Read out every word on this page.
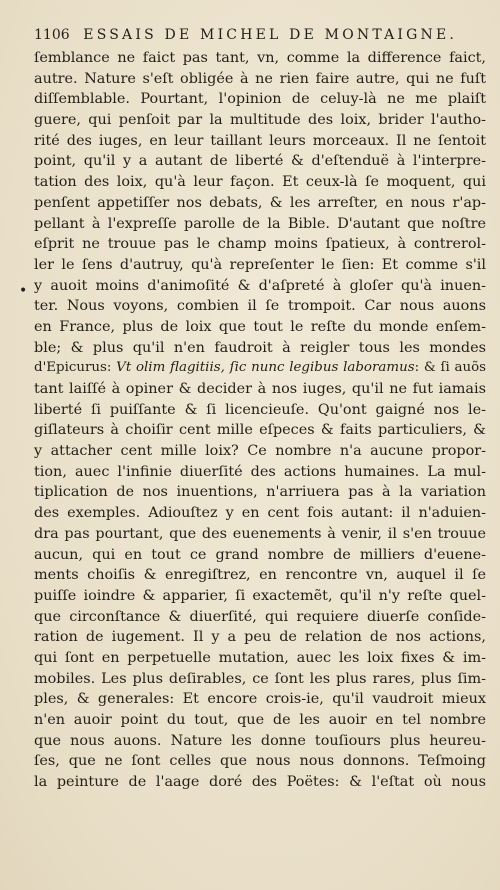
1106 ESSAIS DE MICHEL DE MONTAIGNE.
•
ſemblance ne faict pas tant, vn, comme la difference faict,
autre. Nature s'eſt obligée à ne rien faire autre, qui ne fuſt
diſſemblable. Pourtant, l'opinion de celuy-là ne me plaiſt
guere, qui penſoit par la multitude des loix, brider l'autho-
rité des iuges, en leur taillant leurs morceaux. Il ne ſentoit
point, qu'il y a autant de liberté & d'eſtenduë à l'interpre-
tation des loix, qu'à leur façon. Et ceux-là ſe moquent, qui
penſent appetiſſer nos debats, & les arreſter, en nous r'ap-
pellant à l'expreſſe parolle de la Bible. D'autant que noſtre
eſprit ne trouue pas le champ moins ſpatieux, à contrerol-
ler le ſens d'autruy, qu'à repreſenter le ſien: Et comme s'il
y auoit moins d'animoſité & d'aſpreté à gloſer qu'à inuen-
ter. Nous voyons, combien il ſe trompoit. Car nous auons
en France, plus de loix que tout le reſte du monde enſem-
ble; & plus qu'il n'en faudroit à reigler tous les mondes
d'Epicurus: Vt olim flagitiis, ſic nunc legibus laboramus: & ſi auõs
tant laiſſé à opiner & decider à nos iuges, qu'il ne fut iamais
liberté ſi puiſſante & ſi licencieuſe. Qu'ont gaigné nos le-
giſlateurs à choiſir cent mille eſpeces & faits particuliers, &
y attacher cent mille loix? Ce nombre n'a aucune propor-
tion, auec l'infinie diuerſité des actions humaines. La mul-
tiplication de nos inuentions, n'arriuera pas à la variation
des exemples. Adiouſtez y en cent fois autant: il n'aduien-
dra pas pourtant, que des euenements à venir, il s'en trouue
aucun, qui en tout ce grand nombre de milliers d'euene-
ments choiſis & enregiſtrez, en rencontre vn, auquel il ſe
puiſſe ioindre & apparier, ſi exactemẽt, qu'il n'y reſte quel-
que circonſtance & diuerſité, qui requiere diuerſe conſide-
ration de iugement. Il y a peu de relation de nos actions,
qui ſont en perpetuelle mutation, auec les loix fixes & im-
mobiles. Les plus deſirables, ce ſont les plus rares, plus ſim-
ples, & generales: Et encore crois-ie, qu'il vaudroit mieux
n'en auoir point du tout, que de les auoir en tel nombre
que nous auons. Nature les donne touſiours plus heureu-
ſes, que ne ſont celles que nous nous donnons. Teſmoing
la peinture de l'aage doré des Poëtes: & l'eſtat où nous
